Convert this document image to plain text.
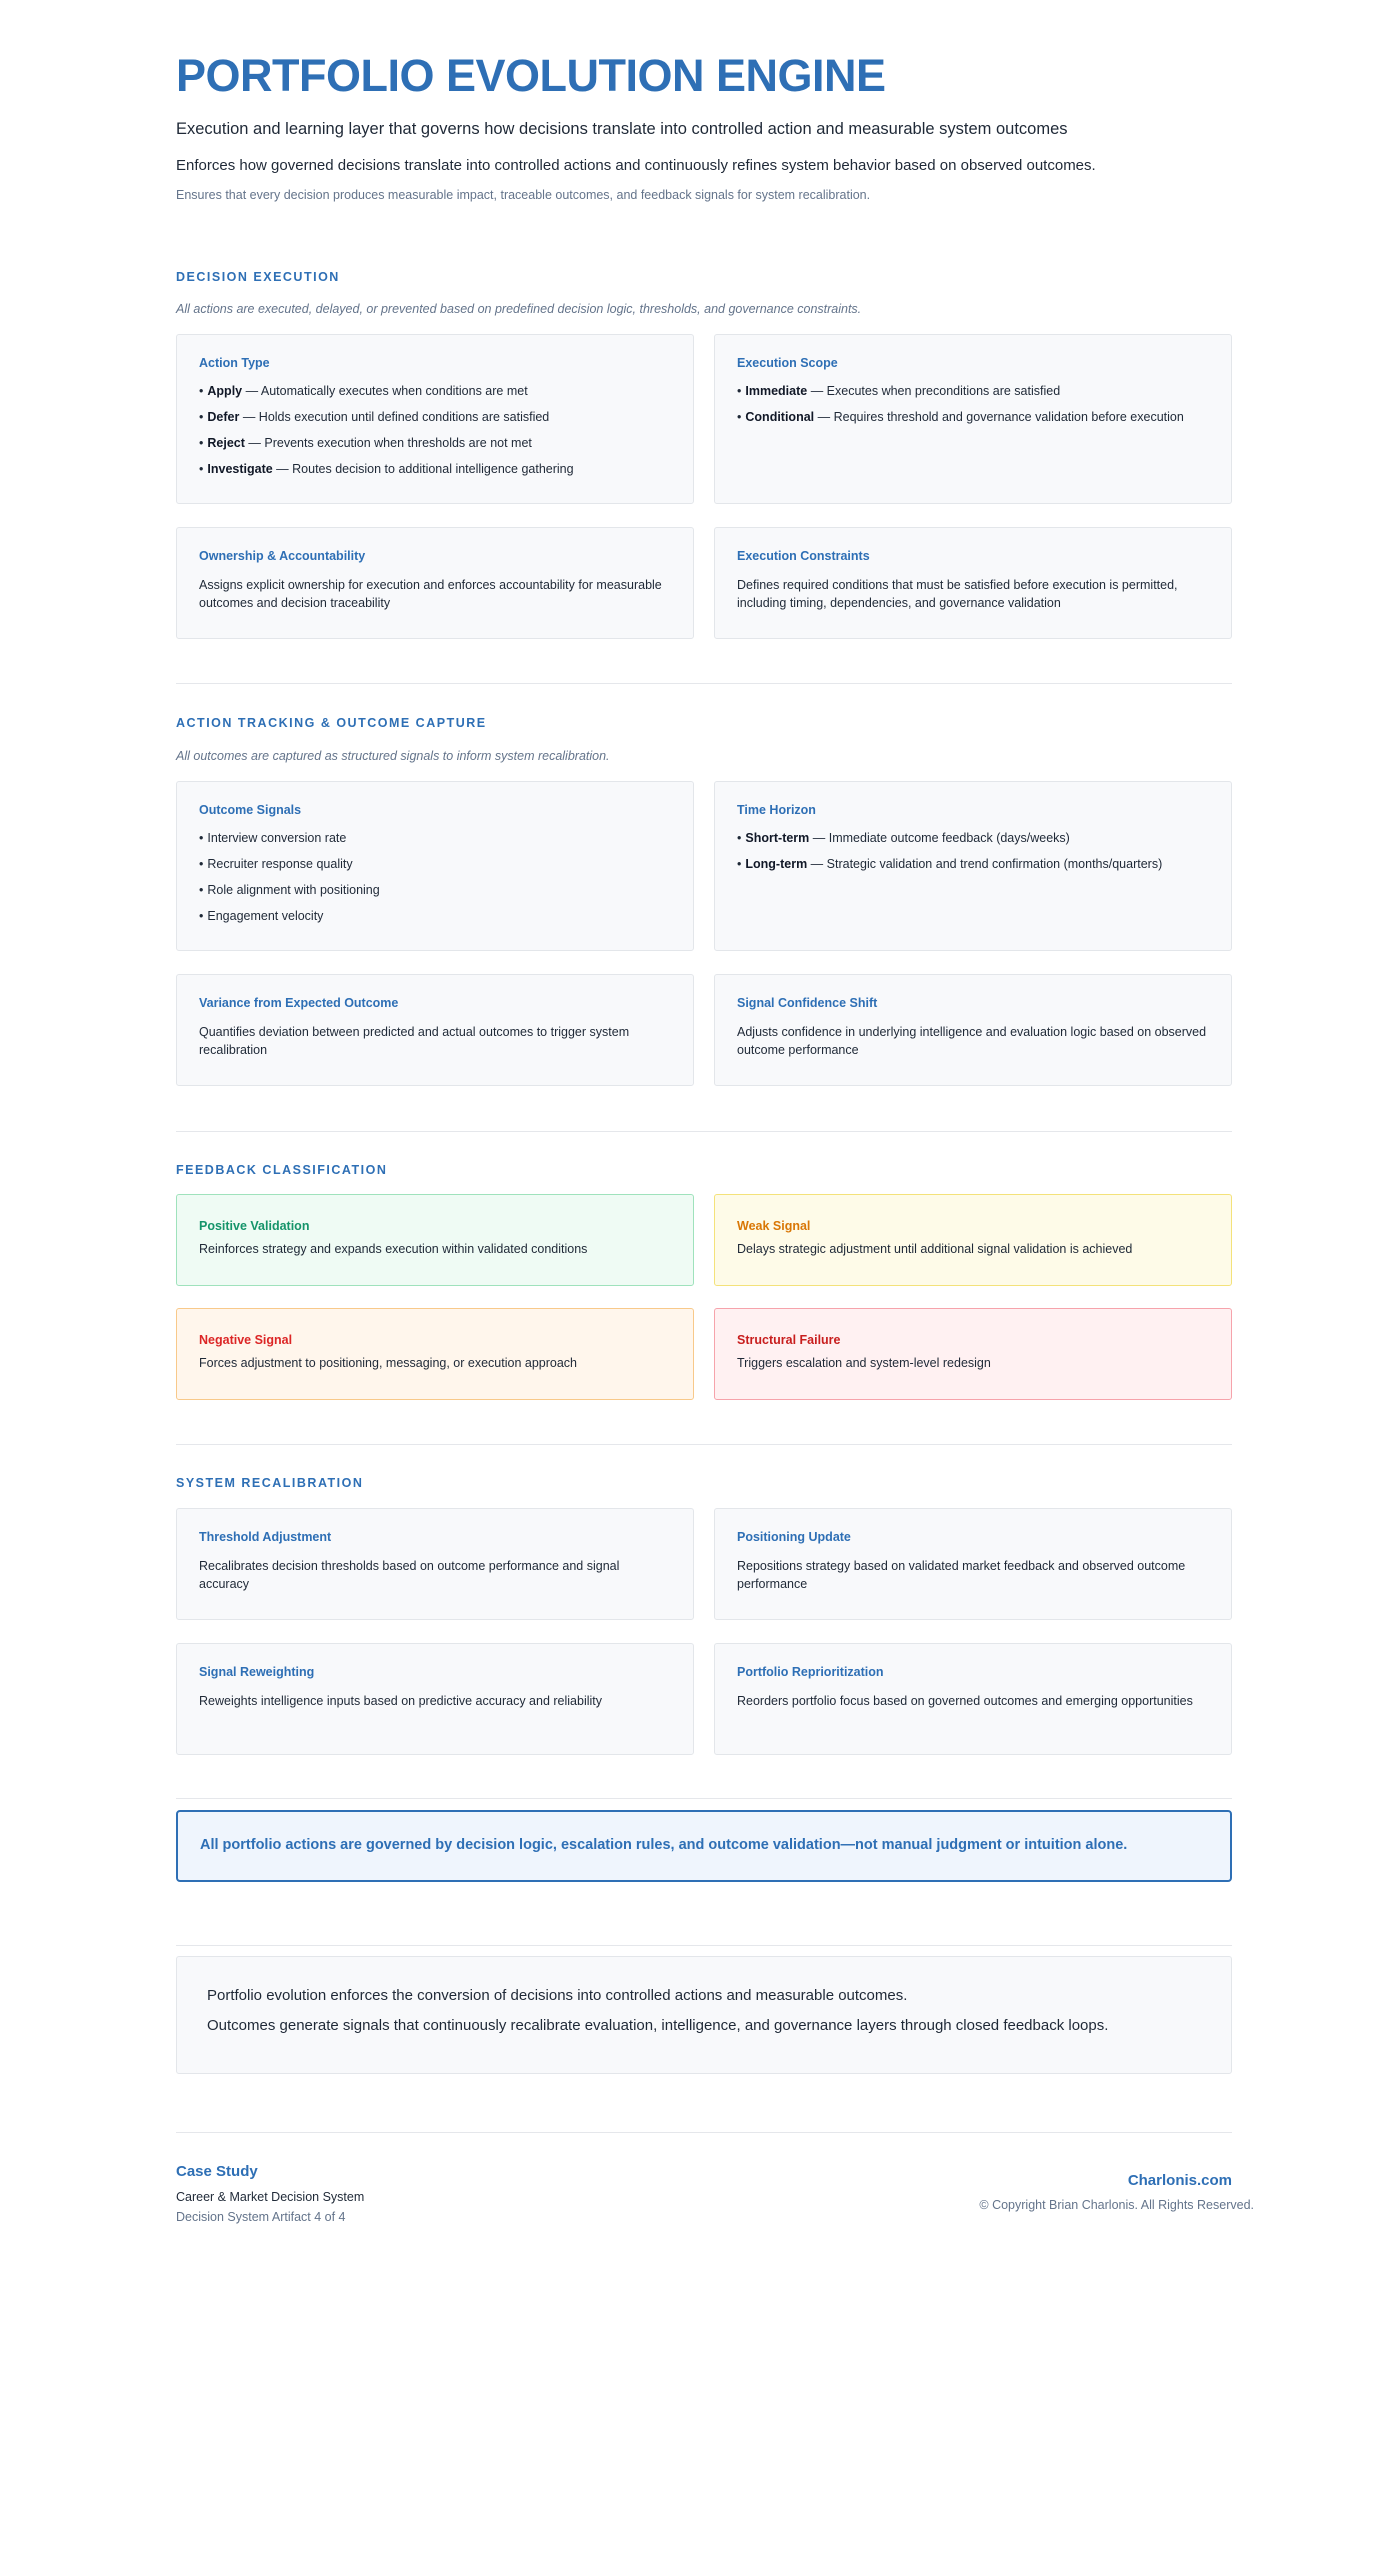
PORTFOLIO EVOLUTION ENGINE

Execution and learning layer that governs how decisions translate into controlled action and measurable system outcomes

Enforces how governed decisions translate into controlled actions and continuously refines system behavior based on observed outcomes.

Ensures that every decision produces measurable impact, traceable outcomes, and feedback signals for system recalibration.

DECISION EXECUTION

All actions are executed, delayed, or prevented based on predefined decision logic, thresholds, and governance constraints.

Action Type
• Apply — Automatically executes when conditions are met
• Defer — Holds execution until defined conditions are satisfied
• Reject — Prevents execution when thresholds are not met
• Investigate — Routes decision to additional intelligence gathering
Execution Scope
• Immediate — Executes when preconditions are satisfied
• Conditional — Requires threshold and governance validation before execution
Ownership & Accountability

Assigns explicit ownership for execution and enforces accountability for measurable outcomes and decision traceability

Execution Constraints

Defines required conditions that must be satisfied before execution is permitted, including timing, dependencies, and governance validation

ACTION TRACKING & OUTCOME CAPTURE

All outcomes are captured as structured signals to inform system recalibration.

Outcome Signals
• Interview conversion rate
• Recruiter response quality
• Role alignment with positioning
• Engagement velocity
Time Horizon
• Short-term — Immediate outcome feedback (days/weeks)
• Long-term — Strategic validation and trend confirmation (months/quarters)
Variance from Expected Outcome

Quantifies deviation between predicted and actual outcomes to trigger system recalibration

Signal Confidence Shift

Adjusts confidence in underlying intelligence and evaluation logic based on observed outcome performance

FEEDBACK CLASSIFICATION
Positive Validation

Reinforces strategy and expands execution within validated conditions

Weak Signal

Delays strategic adjustment until additional signal validation is achieved

Negative Signal

Forces adjustment to positioning, messaging, or execution approach

Structural Failure

Triggers escalation and system-level redesign

SYSTEM RECALIBRATION
Threshold Adjustment

Recalibrates decision thresholds based on outcome performance and signal accuracy

Positioning Update

Repositions strategy based on validated market feedback and observed outcome performance

Signal Reweighting

Reweights intelligence inputs based on predictive accuracy and reliability

Portfolio Reprioritization

Reorders portfolio focus based on governed outcomes and emerging opportunities

All portfolio actions are governed by decision logic, escalation rules, and outcome validation—not manual judgment or intuition alone.

Portfolio evolution enforces the conversion of decisions into controlled actions and measurable outcomes.

Outcomes generate signals that continuously recalibrate evaluation, intelligence, and governance layers through closed feedback loops.

Case Study

Career & Market Decision System

Decision System Artifact 4 of 4

Charlonis.com

© Copyright Brian Charlonis. All Rights Reserved.
